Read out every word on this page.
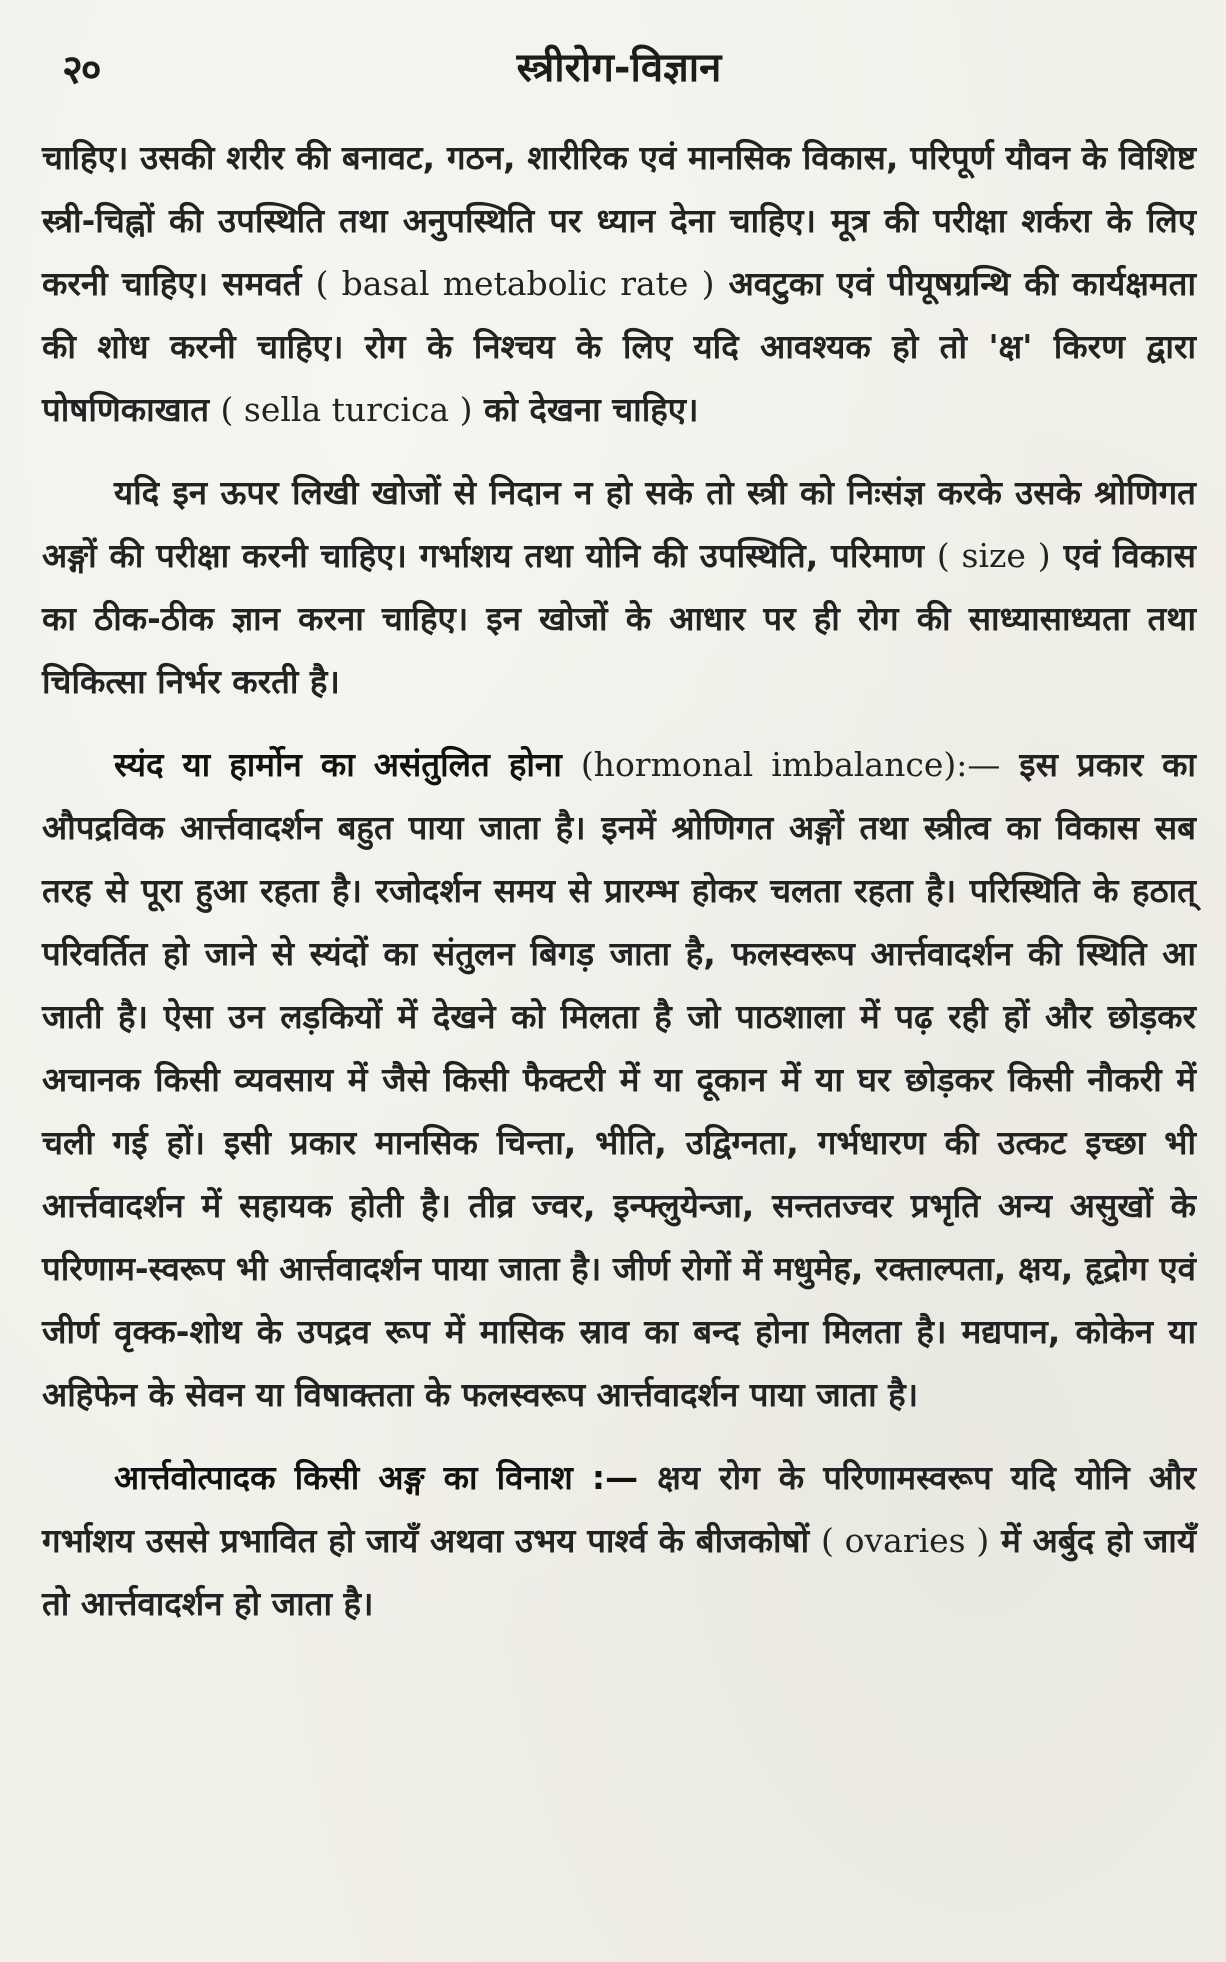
२०	स्त्रीरोग-विज्ञान

चाहिए। उसकी शरीर की बनावट, गठन, शारीरिक एवं मानसिक विकास, परिपूर्ण यौवन के विशिष्ट स्त्री-चिह्नों की उपस्थिति तथा अनुपस्थिति पर ध्यान देना चाहिए। मूत्र की परीक्षा शर्करा के लिए करनी चाहिए। समवर्त ( basal metabolic rate ) अवटुका एवं पीयूषग्रन्थि की कार्यक्षमता की शोध करनी चाहिए। रोग के निश्चय के लिए यदि आवश्यक हो तो 'क्ष' किरण द्वारा पोषणिकाखात ( sella turcica ) को देखना चाहिए।

यदि इन ऊपर लिखी खोजों से निदान न हो सके तो स्त्री को निःसंज्ञ करके उसके श्रोणिगत अङ्गों की परीक्षा करनी चाहिए। गर्भाशय तथा योनि की उपस्थिति, परिमाण ( size ) एवं विकास का ठीक-ठीक ज्ञान करना चाहिए। इन खोजों के आधार पर ही रोग की साध्यासाध्यता तथा चिकित्सा निर्भर करती है।

स्यंद या हार्मोन का असंतुलित होना (hormonal imbalance):— इस प्रकार का औपद्रविक आर्त्तवादर्शन बहुत पाया जाता है। इनमें श्रोणिगत अङ्गों तथा स्त्रीत्व का विकास सब तरह से पूरा हुआ रहता है। रजोदर्शन समय से प्रारम्भ होकर चलता रहता है। परिस्थिति के हठात् परिवर्तित हो जाने से स्यंदों का संतुलन बिगड़ जाता है, फलस्वरूप आर्त्तवादर्शन की स्थिति आ जाती है। ऐसा उन लड़कियों में देखने को मिलता है जो पाठशाला में पढ़ रही हों और छोड़कर अचानक किसी व्यवसाय में जैसे किसी फैक्टरी में या दूकान में या घर छोड़कर किसी नौकरी में चली गई हों। इसी प्रकार मानसिक चिन्ता, भीति, उद्विग्नता, गर्भधारण की उत्कट इच्छा भी आर्त्तवादर्शन में सहायक होती है। तीव्र ज्वर, इन्फ्लुयेन्जा, सन्ततज्वर प्रभृति अन्य असुखों के परिणाम-स्वरूप भी आर्त्तवादर्शन पाया जाता है। जीर्ण रोगों में मधुमेह, रक्ताल्पता, क्षय, हृद्रोग एवं जीर्ण वृक्क-शोथ के उपद्रव रूप में मासिक स्राव का बन्द होना मिलता है। मद्यपान, कोकेन या अहिफेन के सेवन या विषाक्तता के फलस्वरूप आर्त्तवादर्शन पाया जाता है।

आर्त्तवोत्पादक किसी अङ्ग का विनाश :— क्षय रोग के परिणामस्वरूप यदि योनि और गर्भाशय उससे प्रभावित हो जायँ अथवा उभय पार्श्व के बीजकोषों ( ovaries ) में अर्बुद हो जायँ तो आर्त्तवादर्शन हो जाता है।
